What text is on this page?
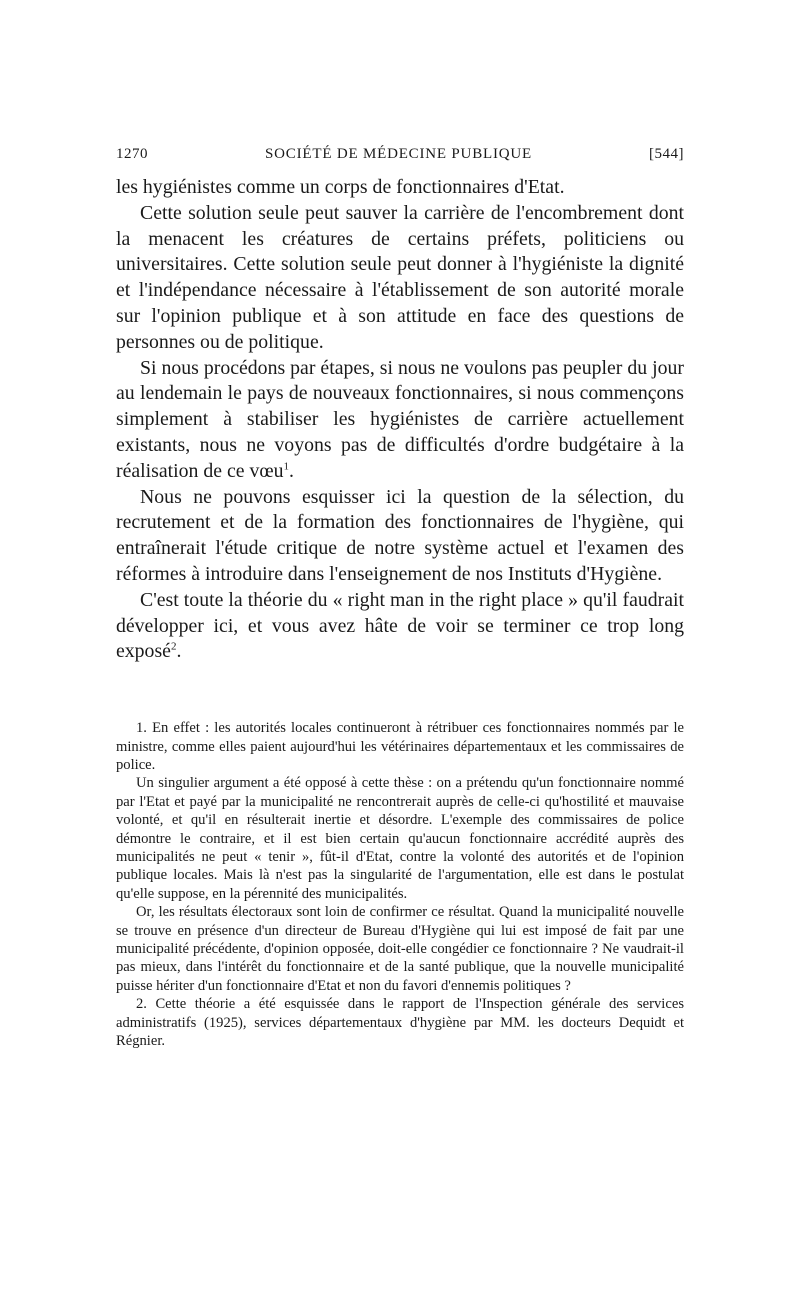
1270	SOCIÉTÉ DE MÉDECINE PUBLIQUE	[544]

les hygiénistes comme un corps de fonctionnaires d'Etat.

Cette solution seule peut sauver la carrière de l'encombrement dont la menacent les créatures de certains préfets, politiciens ou universitaires. Cette solution seule peut donner à l'hygiéniste la dignité et l'indépendance nécessaire à l'établissement de son autorité morale sur l'opinion publique et à son attitude en face des questions de personnes ou de politique.

Si nous procédons par étapes, si nous ne voulons pas peupler du jour au lendemain le pays de nouveaux fonctionnaires, si nous commençons simplement à stabiliser les hygiénistes de carrière actuellement existants, nous ne voyons pas de difficultés d'ordre budgétaire à la réalisation de ce vœu$^1$.

Nous ne pouvons esquisser ici la question de la sélection, du recrutement et de la formation des fonctionnaires de l'hygiène, qui entraînerait l'étude critique de notre système actuel et l'examen des réformes à introduire dans l'enseignement de nos Instituts d'Hygiène.

C'est toute la théorie du « right man in the right place » qu'il faudrait développer ici, et vous avez hâte de voir se terminer ce trop long exposé$^2$.

1. En effet : les autorités locales continueront à rétribuer ces fonctionnaires nommés par le ministre, comme elles paient aujourd'hui les vétérinaires départementaux et les commissaires de police.

Un singulier argument a été opposé à cette thèse : on a prétendu qu'un fonctionnaire nommé par l'Etat et payé par la municipalité ne rencontrerait auprès de celle-ci qu'hostilité et mauvaise volonté, et qu'il en résulterait inertie et désordre. L'exemple des commissaires de police démontre le contraire, et il est bien certain qu'aucun fonctionnaire accrédité auprès des municipalités ne peut « tenir », fût-il d'Etat, contre la volonté des autorités et de l'opinion publique locales. Mais là n'est pas la singularité de l'argumentation, elle est dans le postulat qu'elle suppose, en la pérennité des municipalités.

Or, les résultats électoraux sont loin de confirmer ce résultat. Quand la municipalité nouvelle se trouve en présence d'un directeur de Bureau d'Hygiène qui lui est imposé de fait par une municipalité précédente, d'opinion opposée, doit-elle congédier ce fonctionnaire ? Ne vaudrait-il pas mieux, dans l'intérêt du fonctionnaire et de la santé publique, que la nouvelle municipalité puisse hériter d'un fonctionnaire d'Etat et non du favori d'ennemis politiques ?

2. Cette théorie a été esquissée dans le rapport de l'Inspection générale des services administratifs (1925), services départementaux d'hygiène par MM. les docteurs Dequidt et Régnier.
